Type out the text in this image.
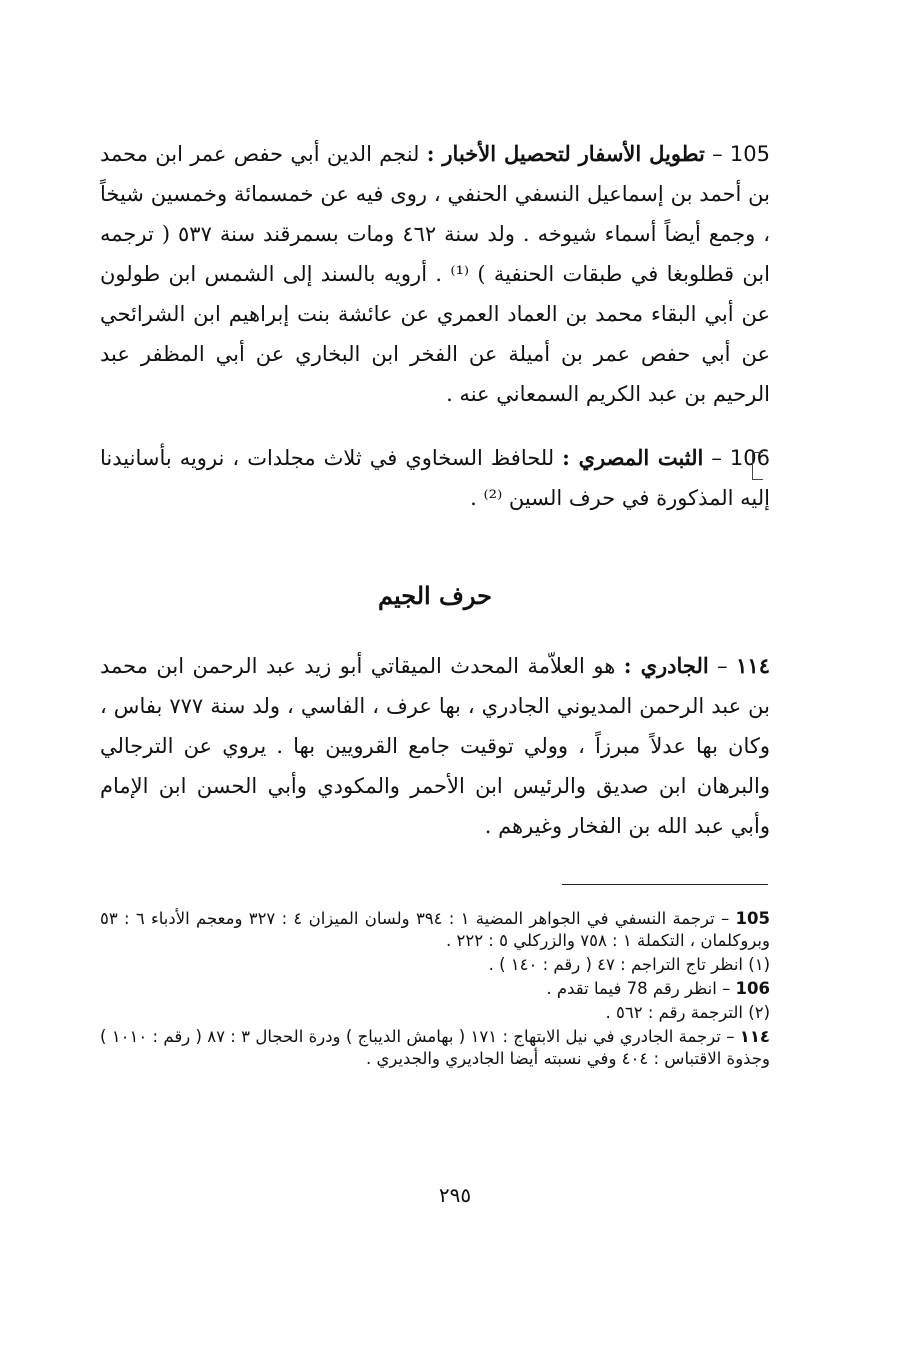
105 – تطويل الأسفار لتحصيل الأخبار : لنجم الدين أبي حفص عمر ابن محمد بن أحمد بن إسماعيل النسفي الحنفي ، روى فيه عن خمسمائة وخمسين شيخاً ، وجمع أيضاً أسماء شيوخه . ولد سنة ٤٦٢ ومات بسمرقند سنة ٥٣٧ ( ترجمه ابن قطلوبغا في طبقات الحنفية ) ⁽¹⁾ . أرويه بالسند إلى الشمس ابن طولون عن أبي البقاء محمد بن العماد العمري عن عائشة بنت إبراهيم ابن الشرائحي عن أبي حفص عمر بن أميلة عن الفخر ابن البخاري عن أبي المظفر عبد الرحيم بن عبد الكريم السمعاني عنه .

106 – الثبت المصري : للحافظ السخاوي في ثلاث مجلدات ، نرويه بأسانيدنا إليه المذكورة في حرف السين ⁽²⁾ .

حرف الجيم

١١٤ – الجادري : هو العلاّمة المحدث الميقاتي أبو زيد عبد الرحمن ابن محمد بن عبد الرحمن المديوني الجادري ، بها عرف ، الفاسي ، ولد سنة ٧٧٧ بفاس ، وكان بها عدلاً مبرزاً ، وولي توقيت جامع القرويين بها . يروي عن الترجالي والبرهان ابن صديق والرئيس ابن الأحمر والمكودي وأبي الحسن ابن الإمام وأبي عبد الله بن الفخار وغيرهم .

105 – ترجمة النسفي في الجواهر المضية ١ : ٣٩٤ ولسان الميزان ٤ : ٣٢٧ ومعجم الأدباء ٦ : ٥٣ وبروكلمان ، التكملة ١ : ٧٥٨ والزركلي ٥ : ٢٢٢ .

(١) انظر تاج التراجم : ٤٧ ( رقم : ١٤٠ ) .

106 – انظر رقم 78 فيما تقدم .

(٢) الترجمة رقم : ٥٦٢ .

١١٤ – ترجمة الجادري في نيل الابتهاج : ١٧١ ( بهامش الديباج ) ودرة الحجال ٣ : ٨٧ ( رقم : ١٠١٠ ) وجذوة الاقتباس : ٤٠٤ وفي نسبته أيضا الجاديري والجديري .

٢٩٥
